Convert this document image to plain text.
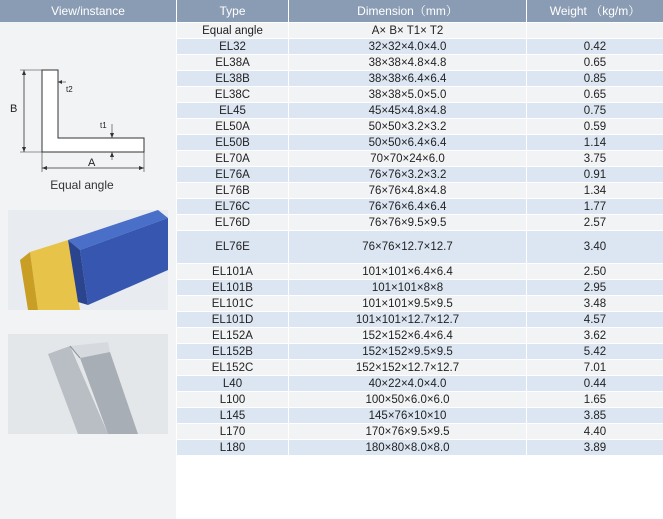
View/instance
B
A
t2
t1
Equal angle
Type	Dimension（mm）	Weight （kg/m）
Equal angle	A× B× T1× T2
EL32	32×32×4.0×4.0	0.42
EL38A	38×38×4.8×4.8	0.65
EL38B	38×38×6.4×6.4	0.85
EL38C	38×38×5.0×5.0	0.65
EL45	45×45×4.8×4.8	0.75
EL50A	50×50×3.2×3.2	0.59
EL50B	50×50×6.4×6.4	1.14
EL70A	70×70×24×6.0	3.75
EL76A	76×76×3.2×3.2	0.91
EL76B	76×76×4.8×4.8	1.34
EL76C	76×76×6.4×6.4	1.77
EL76D	76×76×9.5×9.5	2.57
EL76E	76×76×12.7×12.7	3.40
EL101A	101×101×6.4×6.4	2.50
EL101B	101×101×8×8	2.95
EL101C	101×101×9.5×9.5	3.48
EL101D	101×101×12.7×12.7	4.57
EL152A	152×152×6.4×6.4	3.62
EL152B	152×152×9.5×9.5	5.42
EL152C	152×152×12.7×12.7	7.01
L40	40×22×4.0×4.0	0.44
L100	100×50×6.0×6.0	1.65
L145	145×76×10×10	3.85
L170	170×76×9.5×9.5	4.40
L180	180×80×8.0×8.0	3.89
